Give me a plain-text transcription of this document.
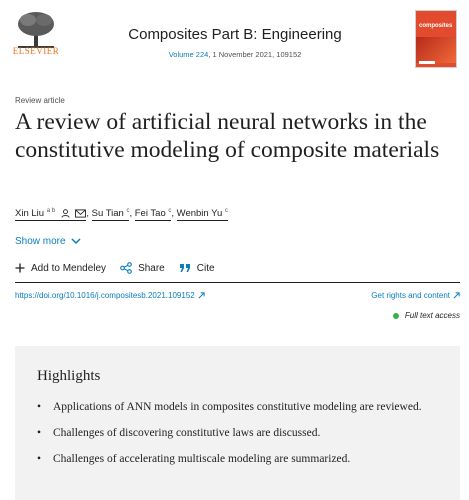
ELSEVIER
Composites Part B: Engineering
Volume 224, 1 November 2021, 109152
composites
Review article
A review of artificial neural networks in the constitutive modeling of composite materials
Xin Liu $^{a b}$	, Su Tian $^c$, Fei Tao $^c$, Wenbin Yu $^c$
Show more
Add to Mendeley	Share	Cite
https://doi.org/10.1016/j.compositesb.2021.109152	Get rights and content
Full text access
Highlights
• Applications of ANN models in composites constitutive modeling are reviewed.
• Challenges of discovering constitutive laws are discussed.
• Challenges of accelerating multiscale modeling are summarized.
